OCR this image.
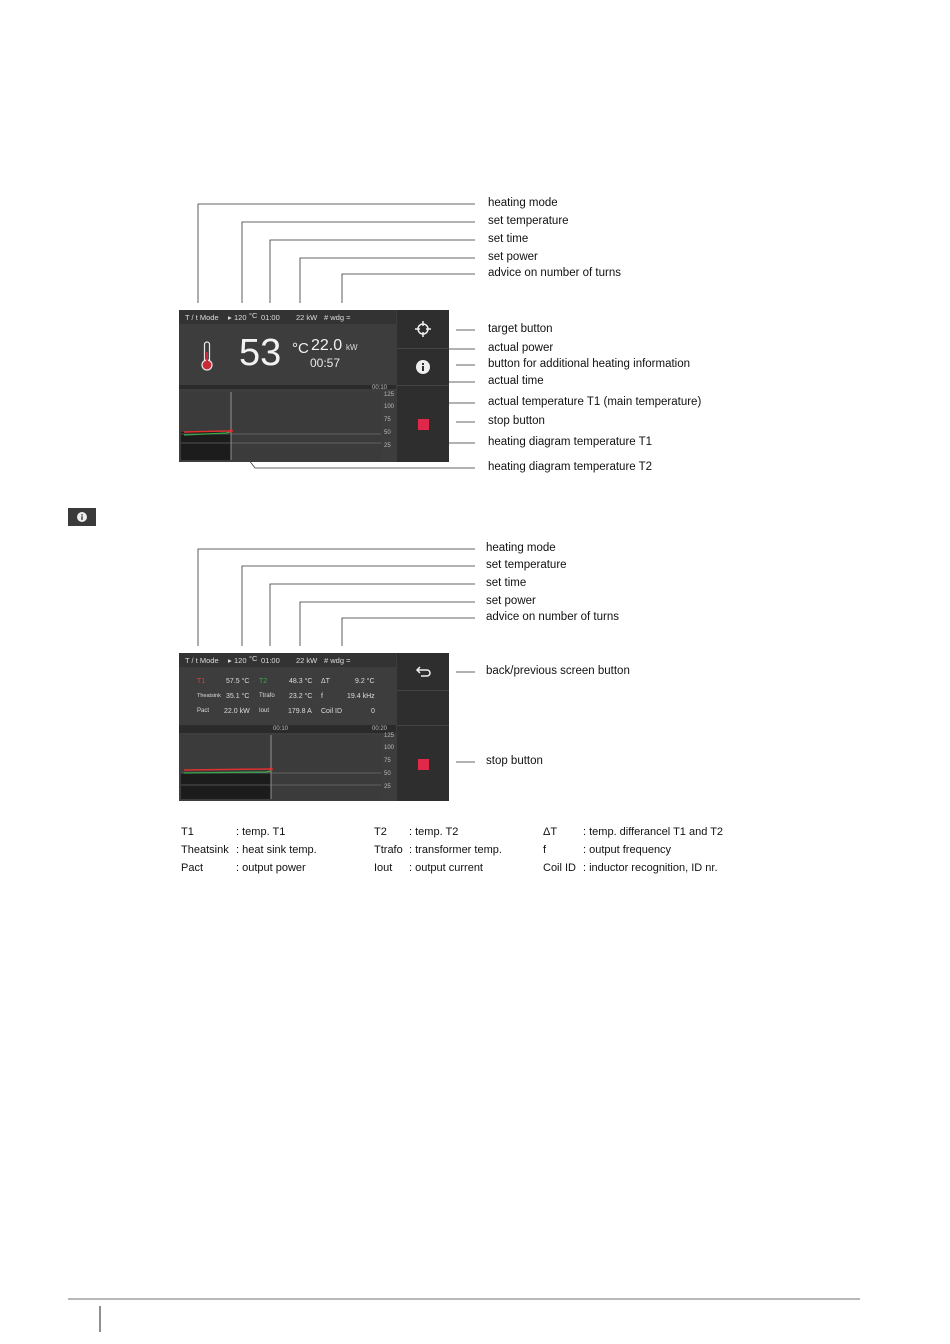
heating mode
set temperature
set time
set power
advice on number of turns
target button
actual power
button for additional heating information
actual time
actual temperature T1 (main temperature)
stop button
heating diagram temperature T1
heating diagram temperature T2
T / t Mode ▸ 120 °C 01:00 22 kW # wdg =
53 °C 22.0 kW
00:57
00:10
125
100
75
50
25
heating mode
set temperature
set time
set power
advice on number of turns
back/previous screen button
stop button
T / t Mode ▸ 120 °C 01:00 22 kW # wdg =
T1	57.5 °C T2	48.3 °C ΔT	9.2 °C
Theatsink 35.1 °C Ttrafo 23.2 °C f	19.4 kHz
Pact 22.0 kW Iout	179.8 A Coil ID	0
00:10	00:20
125
100
75
50
25
T1	: temp. T1	T2 : temp. T2	ΔT : temp. differancel T1 and T2
Theatsink : heat sink temp.	Ttrafo : transformer temp.	f	: output frequency
Pact	: output power	Iout : output current	Coil ID : inductor recognition, ID nr.
